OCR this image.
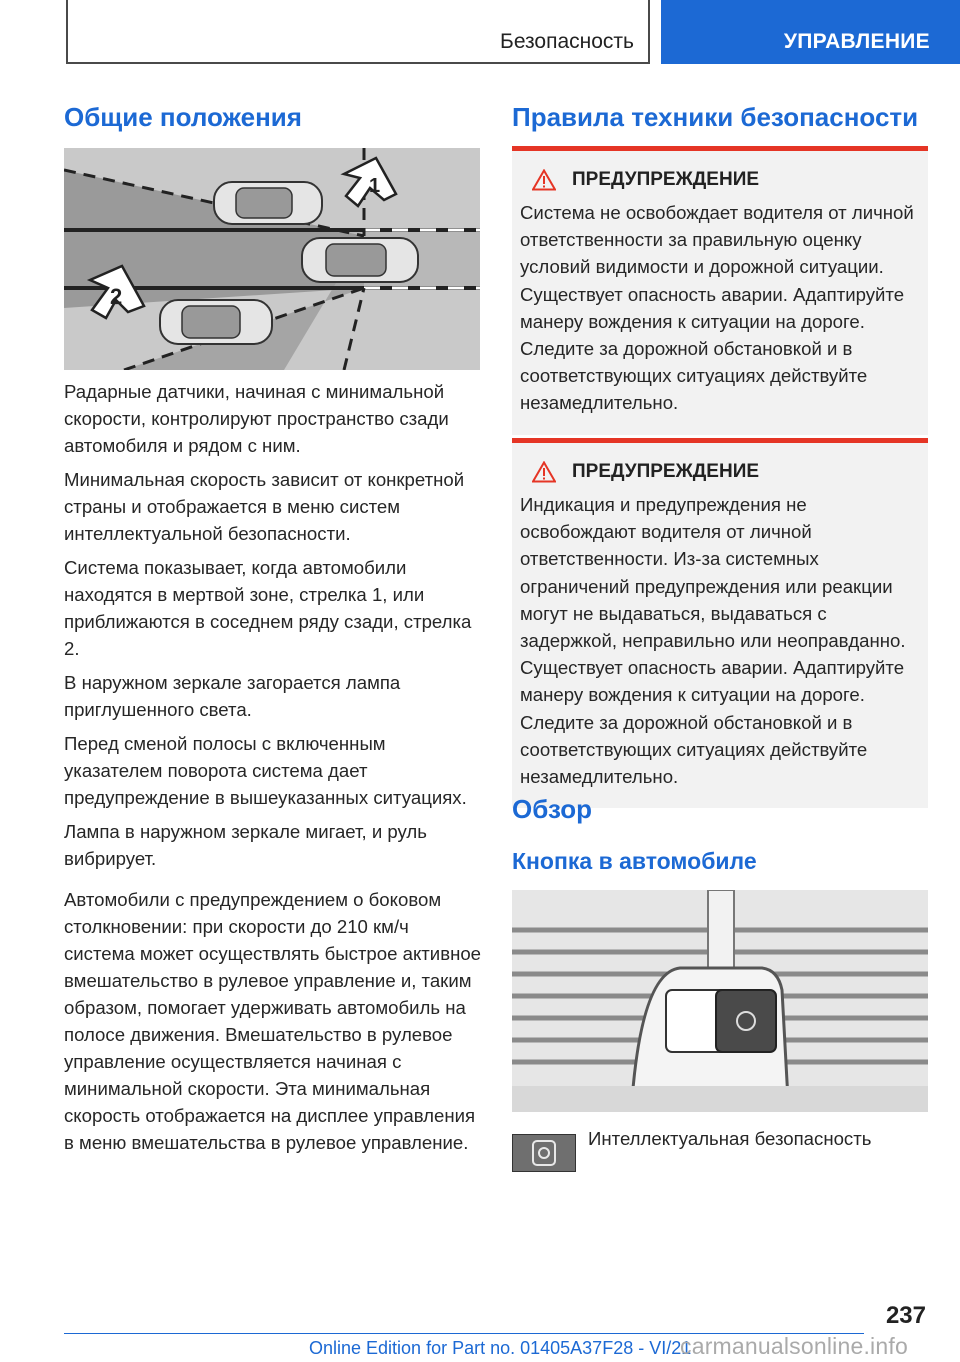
Безопасность	УПРАВЛЕНИЕ
Общие положения
1
2

Радарные датчики, начиная с минимальной скорости, контролируют пространство сзади автомобиля и рядом с ним.

Минимальная скорость зависит от конкретной страны и отображается в меню систем интеллектуальной безопасности.

Система показывает, когда автомобили находятся в мертвой зоне, стрелка 1, или приближаются в соседнем ряду сзади, стрелка 2.

В наружном зеркале загорается лампа приглушенного света.

Перед сменой полосы с включенным указателем поворота система дает предупреждение в вышеуказанных ситуациях.

Лампа в наружном зеркале мигает, и руль вибрирует.

Автомобили с предупреждением о боковом столкновении: при скорости до 210 км/ч система может осуществлять быстрое активное вмешательство в рулевое управление и, таким образом, помогает удерживать автомобиль на полосе движения. Вмешательство в рулевое управление осуществляется начиная с минимальной скорости. Эта минимальная скорость отображается на дисплее управления в меню вмешательства в рулевое управление.

Правила техники безопасности
ПРЕДУПРЕЖДЕНИЕ
Система не освобождает водителя от личной ответственности за правильную оценку условий видимости и дорожной ситуации. Существует опасность аварии. Адаптируйте манеру вождения к ситуации на дороге. Следите за дорожной обстановкой и в соответствующих ситуациях действуйте незамедлительно.
ПРЕДУПРЕЖДЕНИЕ
Индикация и предупреждения не освобождают водителя от личной ответственности. Из-за системных ограничений предупреждения или реакции могут не выдаваться, выдаваться с задержкой, неправильно или неоправданно. Существует опасность аварии. Адаптируйте манеру вождения к ситуации на дороге. Следите за дорожной обстановкой и в соответствующих ситуациях действуйте незамедлительно.
Обзор
Кнопка в автомобиле
Интеллектуальная безопасность
237
Online Edition for Part no. 01405A37F28 - VI/21
carmanualsonline.info
